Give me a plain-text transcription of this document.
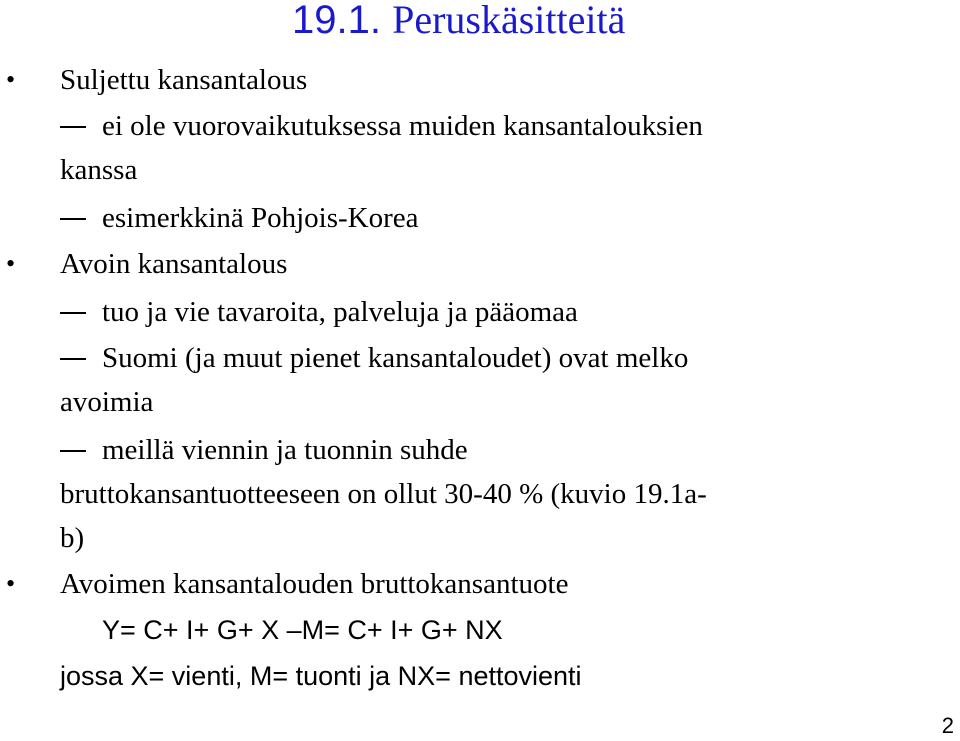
19.1. Peruskäsitteitä
• Suljettu kansantalous
ei ole vuorovaikutuksessa muiden kansantalouksien
kanssa
esimerkkinä Pohjois-Korea
• Avoin kansantalous
tuo ja vie tavaroita, palveluja ja pääomaa
Suomi (ja muut pienet kansantaloudet) ovat melko
avoimia
meillä viennin ja tuonnin suhde
bruttokansantuotteeseen on ollut 30-40 % (kuvio 19.1a-
b)
• Avoimen kansantalouden bruttokansantuote
Y= C+ I+ G+ X –M= C+ I+ G+ NX
jossa X= vienti, M= tuonti ja NX= nettovienti
2
